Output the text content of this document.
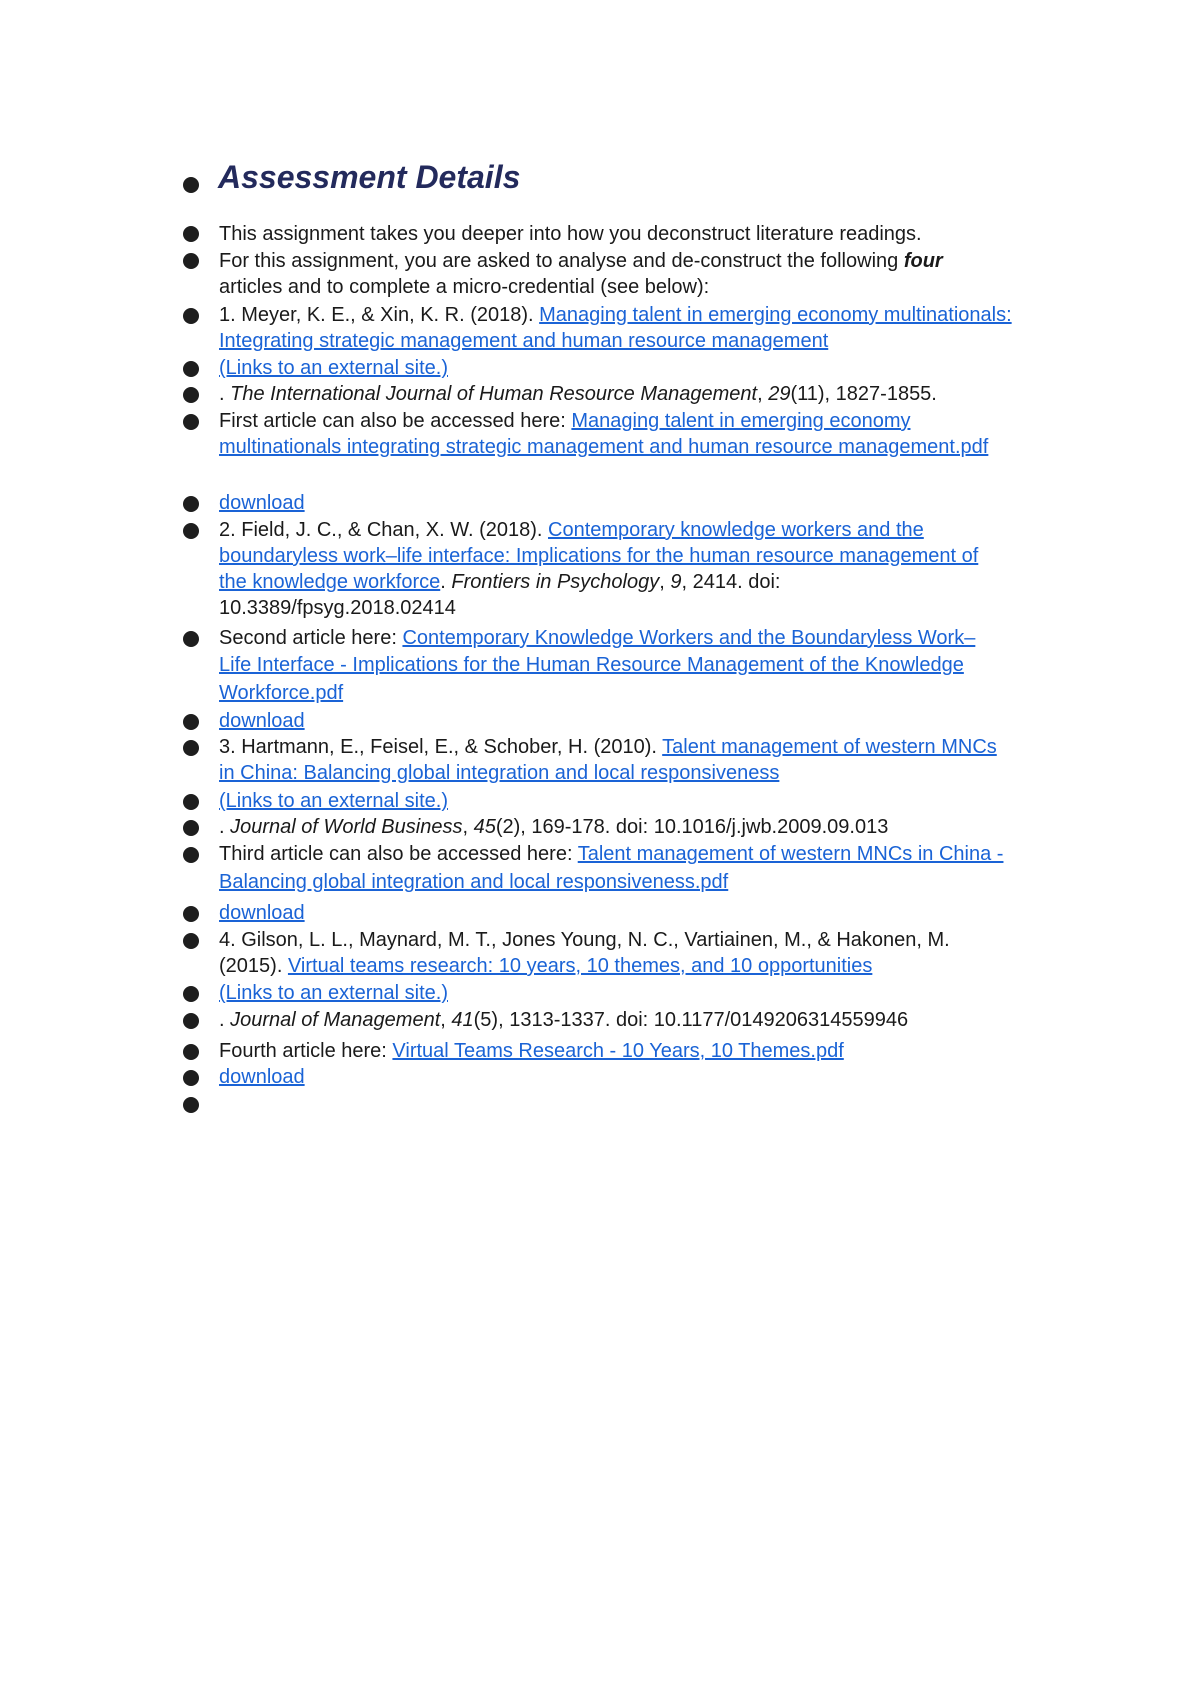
Assessment Details
This assignment takes you deeper into how you deconstruct literature readings.
For this assignment, you are asked to analyse and de-construct the following four
articles and to complete a micro-credential (see below):
1. Meyer, K. E., & Xin, K. R. (2018). Managing talent in emerging economy multinationals:
Integrating strategic management and human resource management
(Links to an external site.)
. The International Journal of Human Resource Management, 29(11), 1827-1855.
First article can also be accessed here: Managing talent in emerging economy
multinationals integrating strategic management and human resource management.pdf
download
2. Field, J. C., & Chan, X. W. (2018). Contemporary knowledge workers and the
boundaryless work–life interface: Implications for the human resource management of
the knowledge workforce. Frontiers in Psychology, 9, 2414. doi:
10.3389/fpsyg.2018.02414
Second article here: Contemporary Knowledge Workers and the Boundaryless Work–
Life Interface - Implications for the Human Resource Management of the Knowledge
Workforce.pdf
download
3. Hartmann, E., Feisel, E., & Schober, H. (2010). Talent management of western MNCs
in China: Balancing global integration and local responsiveness
(Links to an external site.)
. Journal of World Business, 45(2), 169-178. doi: 10.1016/j.jwb.2009.09.013
Third article can also be accessed here: Talent management of western MNCs in China -
Balancing global integration and local responsiveness.pdf
download
4. Gilson, L. L., Maynard, M. T., Jones Young, N. C., Vartiainen, M., & Hakonen, M.
(2015). Virtual teams research: 10 years, 10 themes, and 10 opportunities
(Links to an external site.)
. Journal of Management, 41(5), 1313-1337. doi: 10.1177/0149206314559946
Fourth article here: Virtual Teams Research - 10 Years, 10 Themes.pdf
download
